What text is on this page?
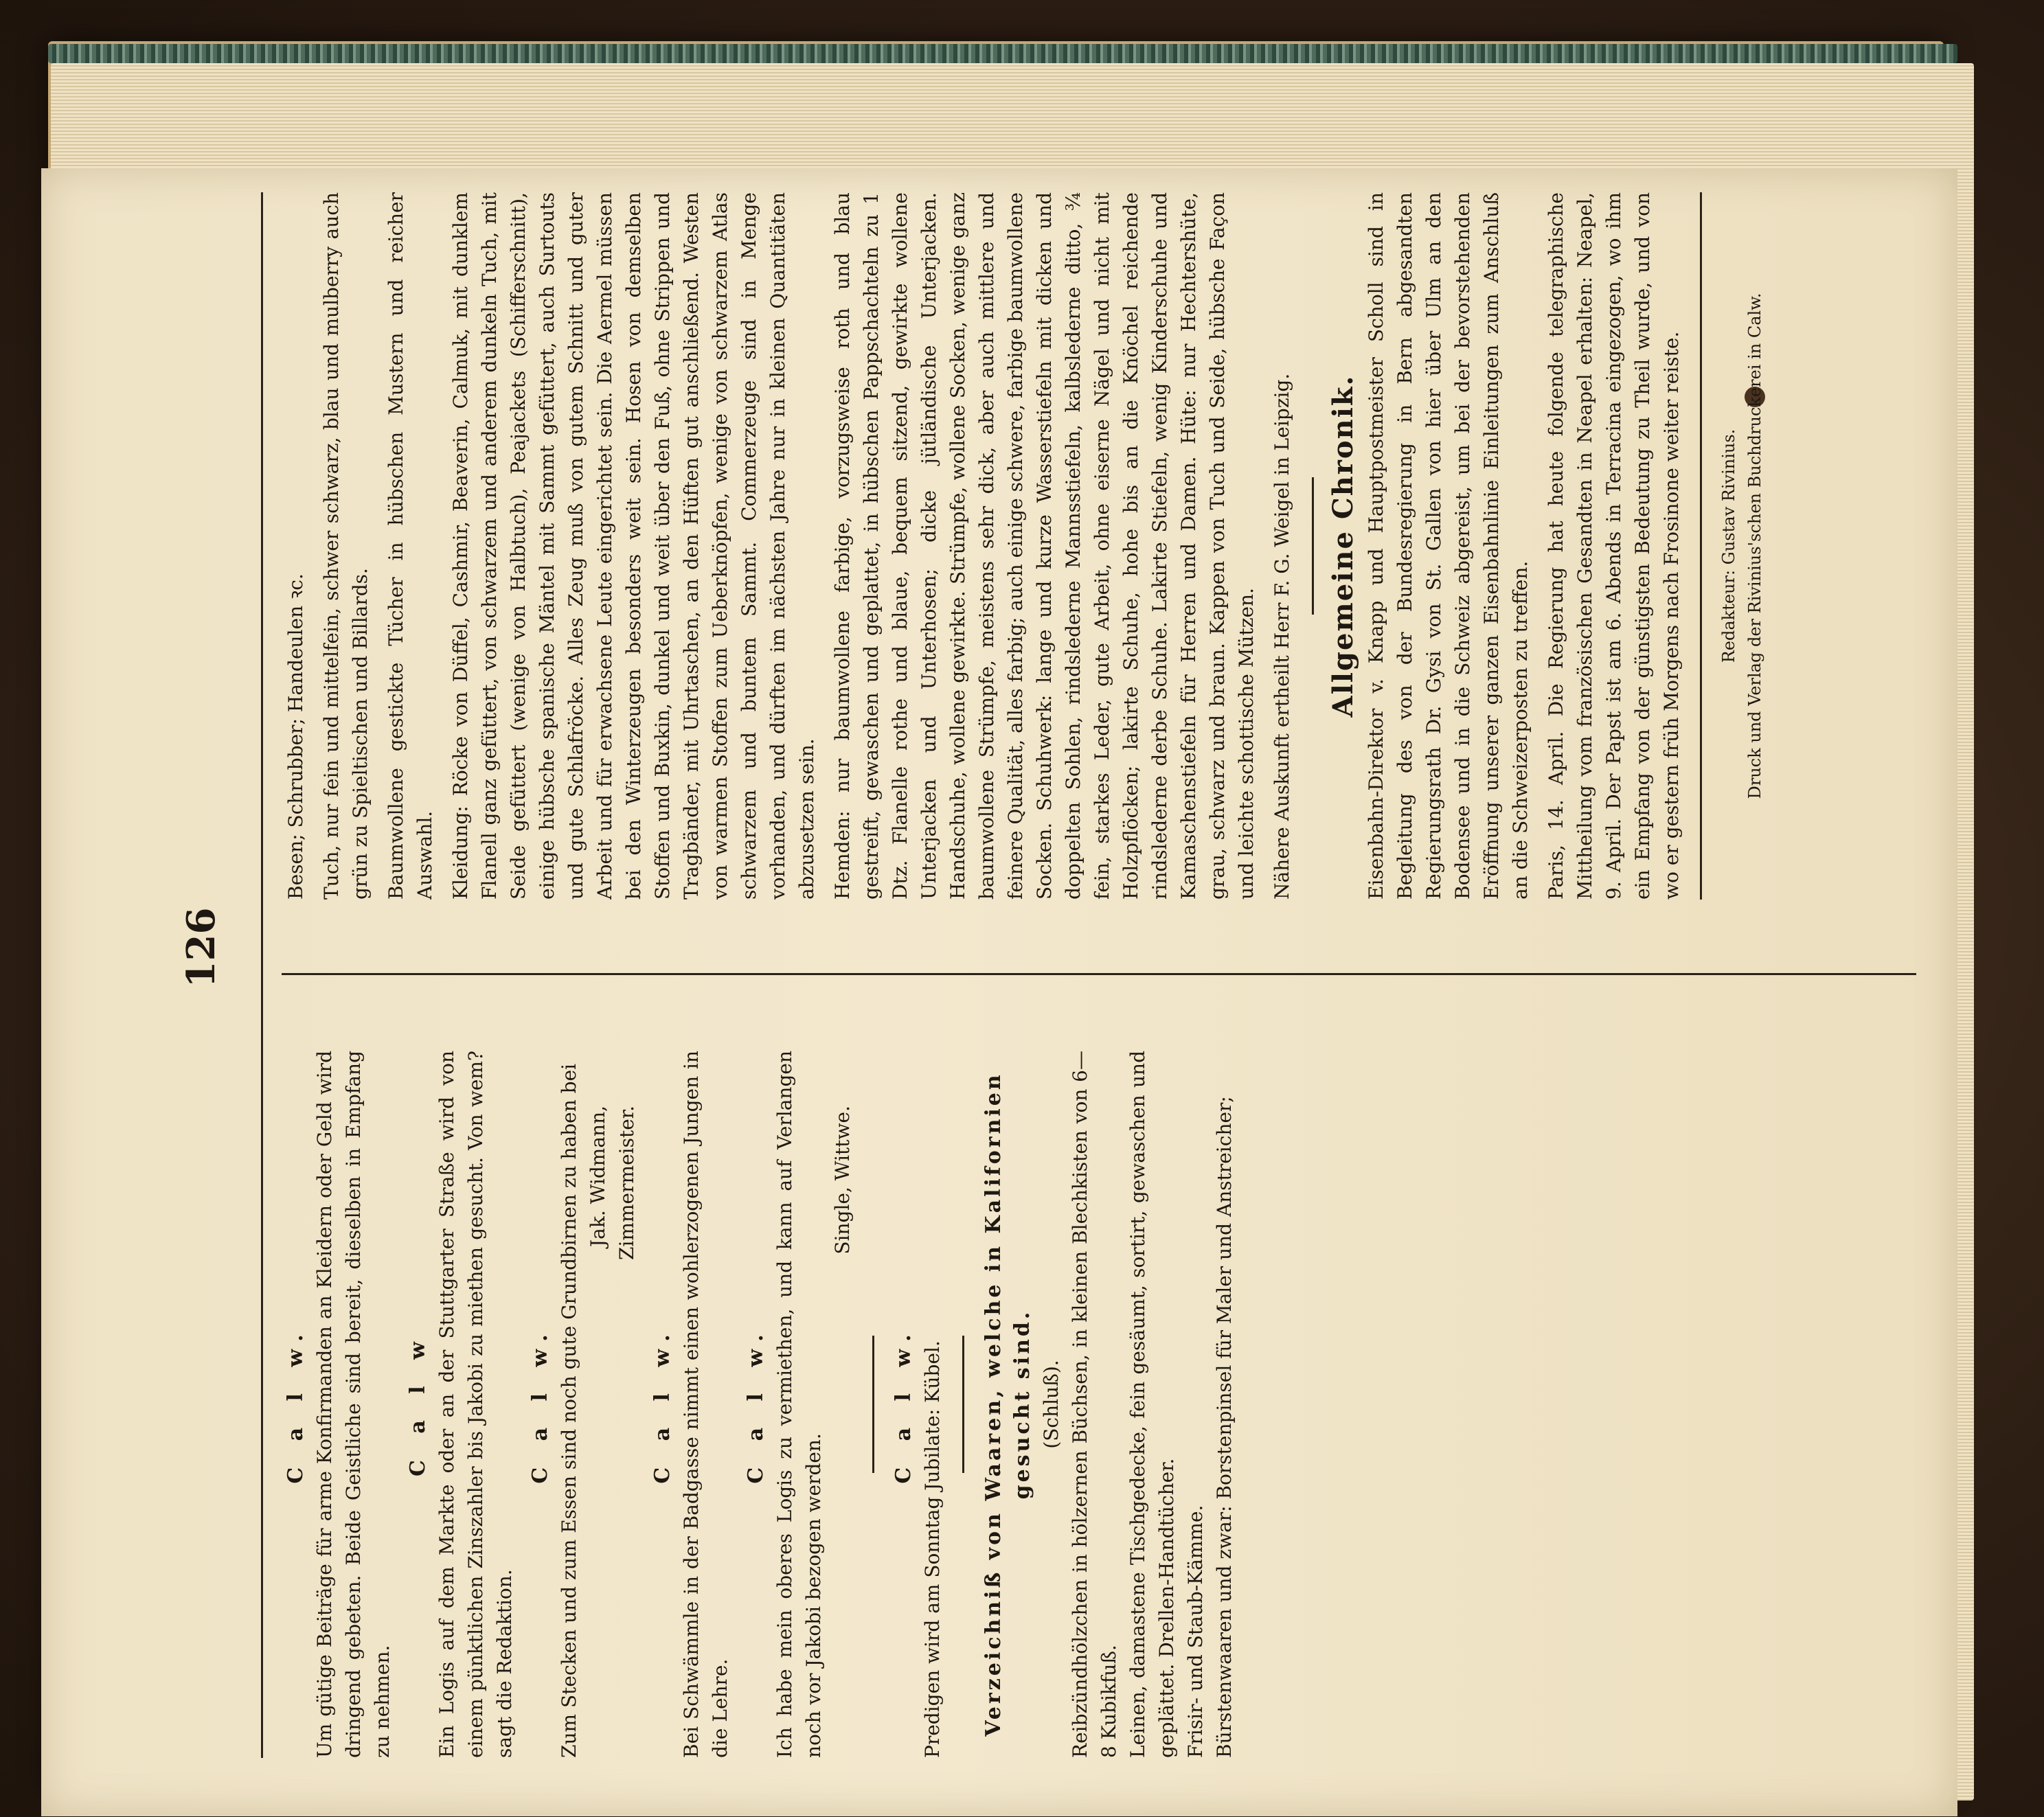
126
C a l w. Um gütige Beiträge für arme Konfirmanden an Kleidern oder Geld wird dringend gebeten. Beide Geistliche sind bereit, dieselben in Empfang zu nehmen.
C a l w Ein Logis auf dem Markte oder an der Stuttgarter Straße wird von einem pünktlichen Zinszahler bis Jakobi zu miethen gesucht. Von wem? sagt die Redaktion.
C a l w. Zum Stecken und zum Essen sind noch gute Grundbirnen zu haben bei Jak. Widmann, Zimmermeister.
C a l w. Bei Schwämmle in der Badgasse nimmt einen wohlerzogenen Jungen in die Lehre.
C a l w. Ich habe mein oberes Logis zu vermiethen, und kann auf Verlangen noch vor Jakobi bezogen werden.
Single, Wittwe.
C a l w. Predigen wird am Sonntag Jubilate: Kübel. Verzeichniß von Waaren, welche in Kalifornien gesucht sind. (Schluß). Reibzündhölzchen in hölzernen Büchsen, in kleinen Blechkisten von 6—8 Kubikfuß. Leinen, damastene Tischgedecke, fein gesäumt, sortirt, gewaschen und geplättet. Drellen-Handtücher. Frisir- und Staub-Kämme. Bürstenwaaren und zwar: Borstenpinsel für Maler und Anstreicher;
Besen; Schrubber; Handeulen ꝛc. Tuch, nur fein und mittelfein, schwer schwarz, blau und mulberry auch grün zu Spieltischen und Billards. Baumwollene gestickte Tücher in hübschen Mustern und reicher Auswahl. Kleidung: Röcke von Düffel, Cashmir, Beaverin, Calmuk, mit dunklem Flanell ganz gefüttert, von schwarzem und anderem dunkeln Tuch, mit Seide gefüttert (wenige von Halbtuch), Peajackets (Schifferschnitt), einige hübsche spanische Mäntel mit Sammt gefüttert, auch Surtouts und gute Schlafröcke. Alles Zeug muß von gutem Schnitt und guter Arbeit und für erwachsene Leute eingerichtet sein. Die Aermel müssen bei den Winterzeugen besonders weit sein. Hosen von demselben Stoffen und Buxkin, dunkel und weit über den Fuß, ohne Strippen und Tragbänder, mit Uhrtaschen, an den Hüften gut anschließend. Westen von warmen Stoffen zum Ueberknöpfen, wenige von schwarzem Atlas schwarzem und buntem Sammt. Commerzeuge sind in Menge vorhanden, und dürften im nächsten Jahre nur in kleinen Quantitäten abzusetzen sein. Hemden: nur baumwollene farbige, vorzugsweise roth und blau gestreift, gewaschen und geplattet, in hübschen Pappschachteln zu 1 Dtz. Flanelle rothe und blaue, bequem sitzend, gewirkte wollene Unterjacken und Unterhosen; dicke jütländische Unterjacken. Handschuhe, wollene gewirkte. Strümpfe, wollene Socken, wenige ganz baumwollene Strümpfe, meistens sehr dick, aber auch mittlere und feinere Qualität, alles farbig; auch einige schwere, farbige baumwollene Socken. Schuhwerk: lange und kurze Wasserstiefeln mit dicken und doppelten Sohlen, rindslederne Mannsstiefeln, kalbslederne ditto, ¾ fein, starkes Leder, gute Arbeit, ohne eiserne Nägel und nicht mit Holzpflöcken; lakirte Schuhe, hohe bis an die Knöchel reichende rindslederne derbe Schuhe. Lakirte Stiefeln, wenig Kinderschuhe und Kamaschenstiefeln für Herren und Damen. Hüte: nur Hechtershüte, grau, schwarz und braun. Kappen von Tuch und Seide, hübsche Façon und leichte schottische Mützen. Nähere Auskunft ertheilt Herr F. G. Weigel in Leipzig. Allgemeine Chronik. Eisenbahn-Direktor v. Knapp und Hauptpostmeister Scholl sind in Begleitung des von der Bundesregierung in Bern abgesandten Regierungsrath Dr. Gysi von St. Gallen von hier über Ulm an den Bodensee und in die Schweiz abgereist, um bei der bevorstehenden Eröffnung unserer ganzen Eisenbahnlinie Einleitungen zum Anschluß an die Schweizerposten zu treffen. Paris, 14. April. Die Regierung hat heute folgende telegraphische Mittheilung vom französischen Gesandten in Neapel erhalten: Neapel, 9. April. Der Papst ist am 6. Abends in Terracina eingezogen, wo ihm ein Empfang von der günstigsten Bedeutung zu Theil wurde, und von wo er gestern früh Morgens nach Frosinone weiter reiste. Redakteur: Gustav Rivinius. Druck und Verlag der Rivinius'schen Buchdruckerei in Calw.
